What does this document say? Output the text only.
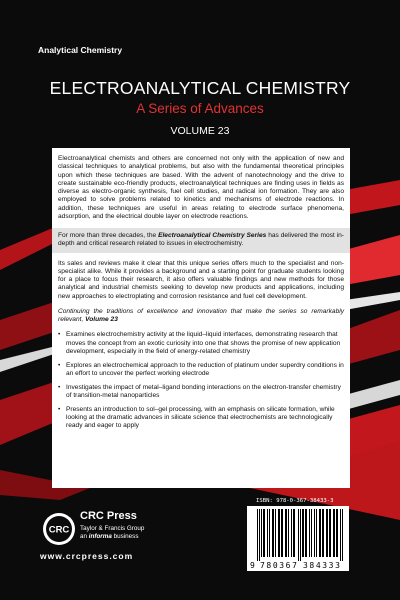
Analytical Chemistry
ELECTROANALYTICAL CHEMISTRY
A Series of Advances
VOLUME 23

Electroanalytical chemists and others are concerned not only with the application of new and classical techniques to analytical problems, but also with the fundamental theoretical principles upon which these techniques are based. With the advent of nanotechnology and the drive to create sustainable eco-friendly products, electroanalytical techniques are finding uses in fields as diverse as electro-organic synthesis, fuel cell studies, and radical ion formation. They are also employed to solve problems related to kinetics and mechanisms of electrode reactions. In addition, these techniques are useful in areas relating to electrode surface phenomena, adsorption, and the electrical double layer on electrode reactions.

For more than three decades, the Electroanalytical Chemistry Series has delivered the most in-depth and critical research related to issues in electrochemistry.

Its sales and reviews make it clear that this unique series offers much to the specialist and non-specialist alike. While it provides a background and a starting point for graduate students looking for a place to focus their research, it also offers valuable findings and new methods for those analytical and industrial chemists seeking to develop new products and applications, including new approaches to electroplating and corrosion resistance and fuel cell development.

Continuing the traditions of excellence and innovation that make the series so remarkably relevant, Volume 23

• Examines electrochemistry activity at the liquid–liquid interfaces, demonstrating research that moves the concept from an exotic curiosity into one that shows the promise of new application development, especially in the field of energy-related chemistry
• Explores an electrochemical approach to the reduction of platinum under superdry conditions in an effort to uncover the perfect working electrode
• Investigates the impact of metal–ligand bonding interactions on the electron-transfer chemistry of transition-metal nanoparticles
• Presents an introduction to sol–gel processing, with an emphasis on silicate formation, while looking at the dramatic advances in silicate science that electrochemists are technologically ready and eager to apply
CRC
CRC Press
Taylor & Francis Group
an informa business
www.crcpress.com
ISBN: 978-0-367-38433-3
9 780367 384333
